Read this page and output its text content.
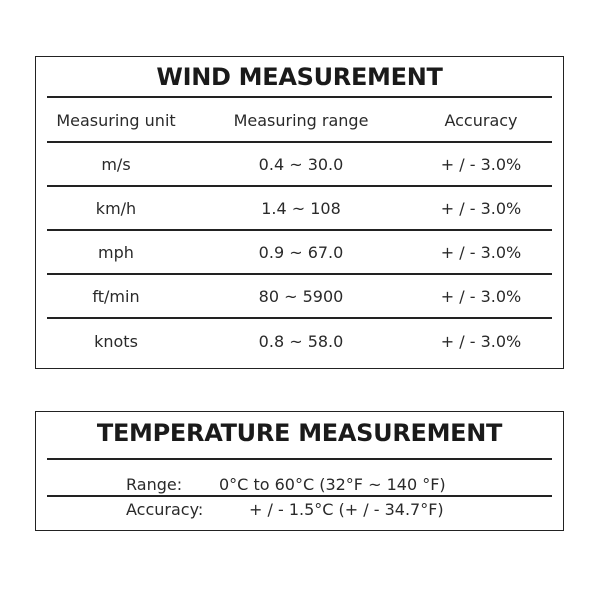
WIND MEASUREMENT
Measuring unit	Measuring range	Accuracy
m/s	0.4 ~ 30.0	+ / - 3.0%
km/h	1.4 ~ 108	+ / - 3.0%
mph	0.9 ~ 67.0	+ / - 3.0%
ft/min	80 ~ 5900	+ / - 3.0%
knots	0.8 ~ 58.0	+ / - 3.0%
TEMPERATURE MEASUREMENT
Range: 0°C to 60°C (32°F ~ 140 °F)
Accuracy:	+ / - 1.5°C (+ / - 34.7°F)
